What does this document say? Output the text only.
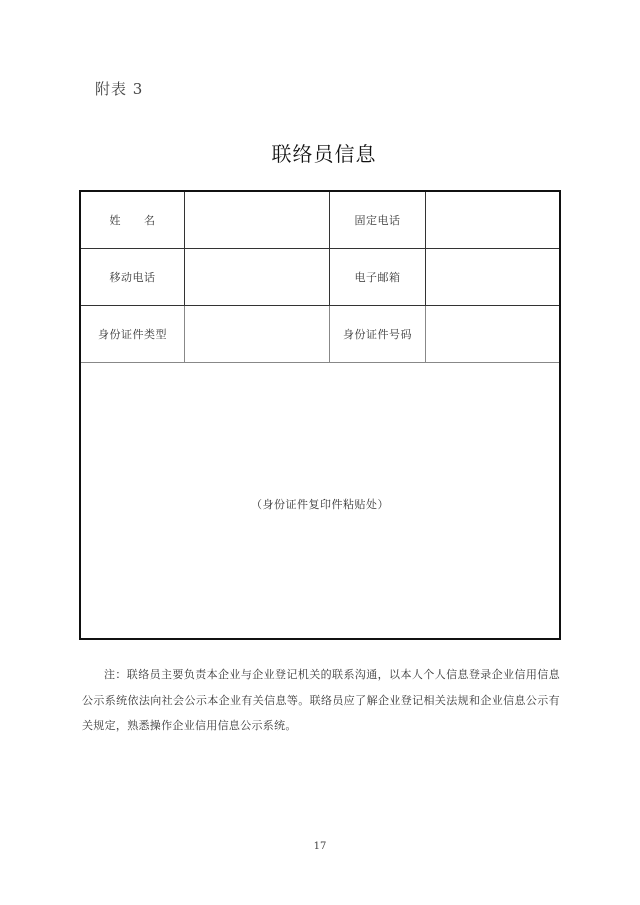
附表 3
联络员信息
姓　　名	固定电话
移动电话	电子邮箱
身份证件类型	身份证件号码
（身份证件复印件粘贴处）
注：联络员主要负责本企业与企业登记机关的联系沟通，以本人个人信息登录企业信用信息公示系统依法向社会公示本企业有关信息等。联络员应了解企业登记相关法规和企业信息公示有关规定，熟悉操作企业信用信息公示系统。
17
